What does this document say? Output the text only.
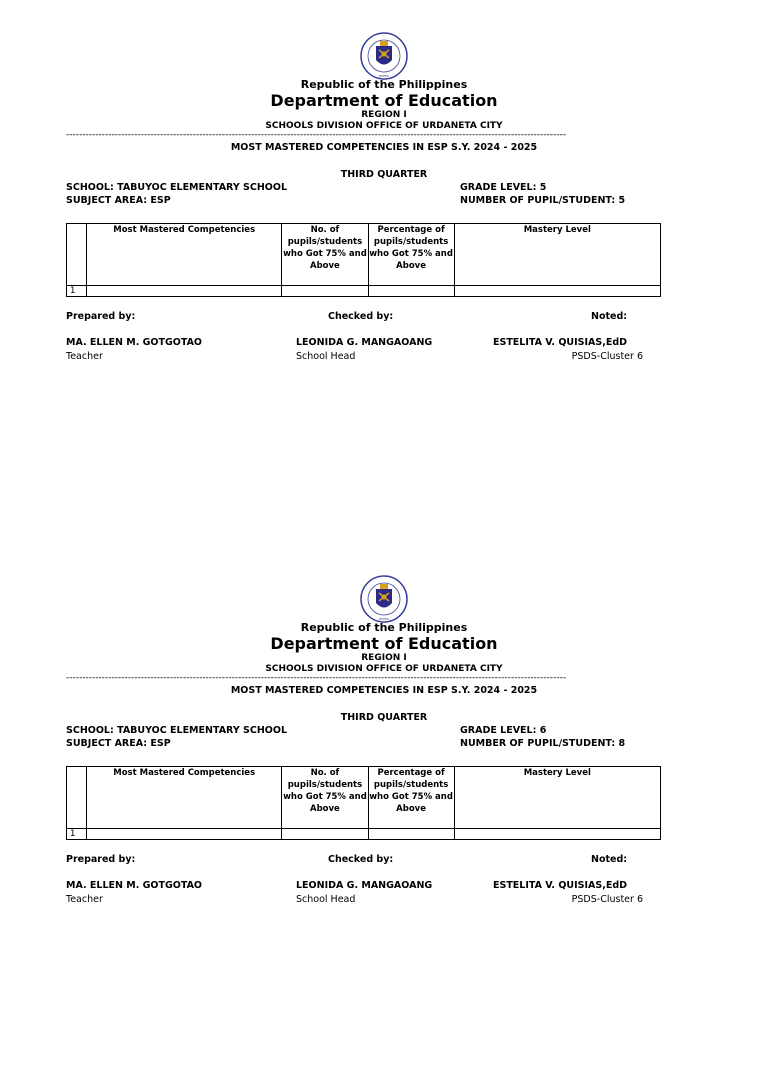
DEPED
Republic of the Philippines
Department of Education
REGION I
SCHOOLS DIVISION OFFICE OF URDANETA CITY
----------------------------------------------------------------------------------------------------------------------------------------------------------
MOST MASTERED COMPETENCIES IN ESP S.Y. 2024 - 2025
THIRD QUARTER
SCHOOL: TABUYOC ELEMENTARY SCHOOL
SUBJECT AREA: ESP
GRADE LEVEL: 5
NUMBER OF PUPIL/STUDENT: 5
	Most Mastered Competencies	No. of pupils/students who Got 75% and Above	Percentage of pupils/students who Got 75% and Above	Mastery Level
1				
Prepared by:	Checked by:	Noted:
MA. ELLEN M. GOTGOTAO	LEONIDA G. MANGAOANG	ESTELITA V. QUISIAS,EdD
Teacher	School Head	PSDS-Cluster 6
DEPED
Republic of the Philippines
Department of Education
REGION I
SCHOOLS DIVISION OFFICE OF URDANETA CITY
----------------------------------------------------------------------------------------------------------------------------------------------------------
MOST MASTERED COMPETENCIES IN ESP S.Y. 2024 - 2025
THIRD QUARTER
SCHOOL: TABUYOC ELEMENTARY SCHOOL
SUBJECT AREA: ESP
GRADE LEVEL: 6
NUMBER OF PUPIL/STUDENT: 8
	Most Mastered Competencies	No. of pupils/students who Got 75% and Above	Percentage of pupils/students who Got 75% and Above	Mastery Level
1				
Prepared by:	Checked by:	Noted:
MA. ELLEN M. GOTGOTAO	LEONIDA G. MANGAOANG	ESTELITA V. QUISIAS,EdD
Teacher	School Head	PSDS-Cluster 6
